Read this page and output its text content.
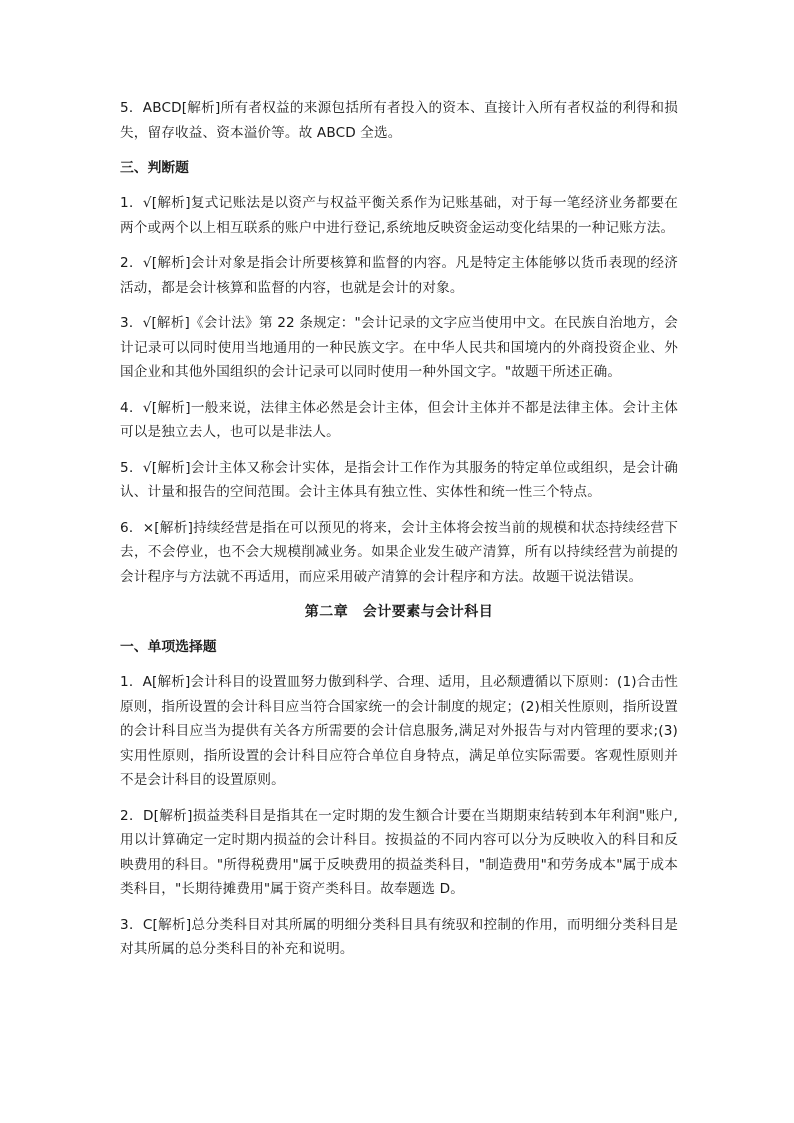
5．ABCD[解析]所有者权益的来源包括所有者投入的资本、直接计入所有者权益的利得和损失，留存收益、资本溢价等。故 ABCD 全选。

三、判断题

1．√[解析]复式记账法是以资产与权益平衡关系作为记账基础，对于每一笔经济业务都要在两个或两个以上相互联系的账户中进行登记,系统地反映资金运动变化结果的一种记账方法。

2．√[解析]会计对象是指会计所要核算和监督的内容。凡是特定主体能够以货币表现的经济活动，都是会计核算和监督的内容，也就是会计的对象。

3．√[解析]《会计法》第 22 条规定："会计记录的文字应当使用中文。在民族自治地方，会计记录可以同时使用当地通用的一种民族文字。在中华人民共和国境内的外商投资企业、外国企业和其他外国组织的会计记录可以同时使用一种外国文字。"故题干所述正确。

4．√[解析]一般来说，法律主体必然是会计主体，但会计主体并不都是法律主体。会计主体可以是独立去人，也可以是非法人。

5．√[解析]会计主体又称会计实体，是指会计工作作为其服务的特定单位或组织，是会计确认、计量和报告的空间范围。会计主体具有独立性、实体性和统一性三个特点。

6．×[解析]持续经营是指在可以预见的将来，会计主体将会按当前的规模和状态持续经营下去，不会停业，也不会大规模削减业务。如果企业发生破产清算，所有以持续经营为前提的会计程序与方法就不再适用，而应采用破产清算的会计程序和方法。故题干说法错误。

第二章　会计要素与会计科目
一、单项选择题

1．A[解析]会计科目的设置皿努力傲到科学、合理、适用，且必颓遭循以下原则：(1)合击性原则，指所设置的会计科目应当符合国家统一的会计制度的规定；(2)相关性原则，指所设置的会计科目应当为提供有关各方所需要的会计信息服务,满足对外报告与对内管理的要求;(3)实用性原则，指所设置的会计科目应符合单位自身特点，满足单位实际需要。客观性原则并不是会计科目的设置原则。

2．D[解析]损益类科目是指其在一定时期的发生额合计要在当期期束结转到本年利润"账户,用以计算确定一定时期内损益的会计科目。按损益的不同内容可以分为反映收入的科目和反映费用的科目。"所得税费用"属于反映费用的损益类科目，"制造费用"和劳务成本"属于成本类科目，"长期待摊费用"属于资产类科目。故奉题选 D。

3．C[解析]总分类科目对其所属的明细分类科目具有统驭和控制的作用，而明细分类科目是对其所属的总分类科目的补充和说明。
